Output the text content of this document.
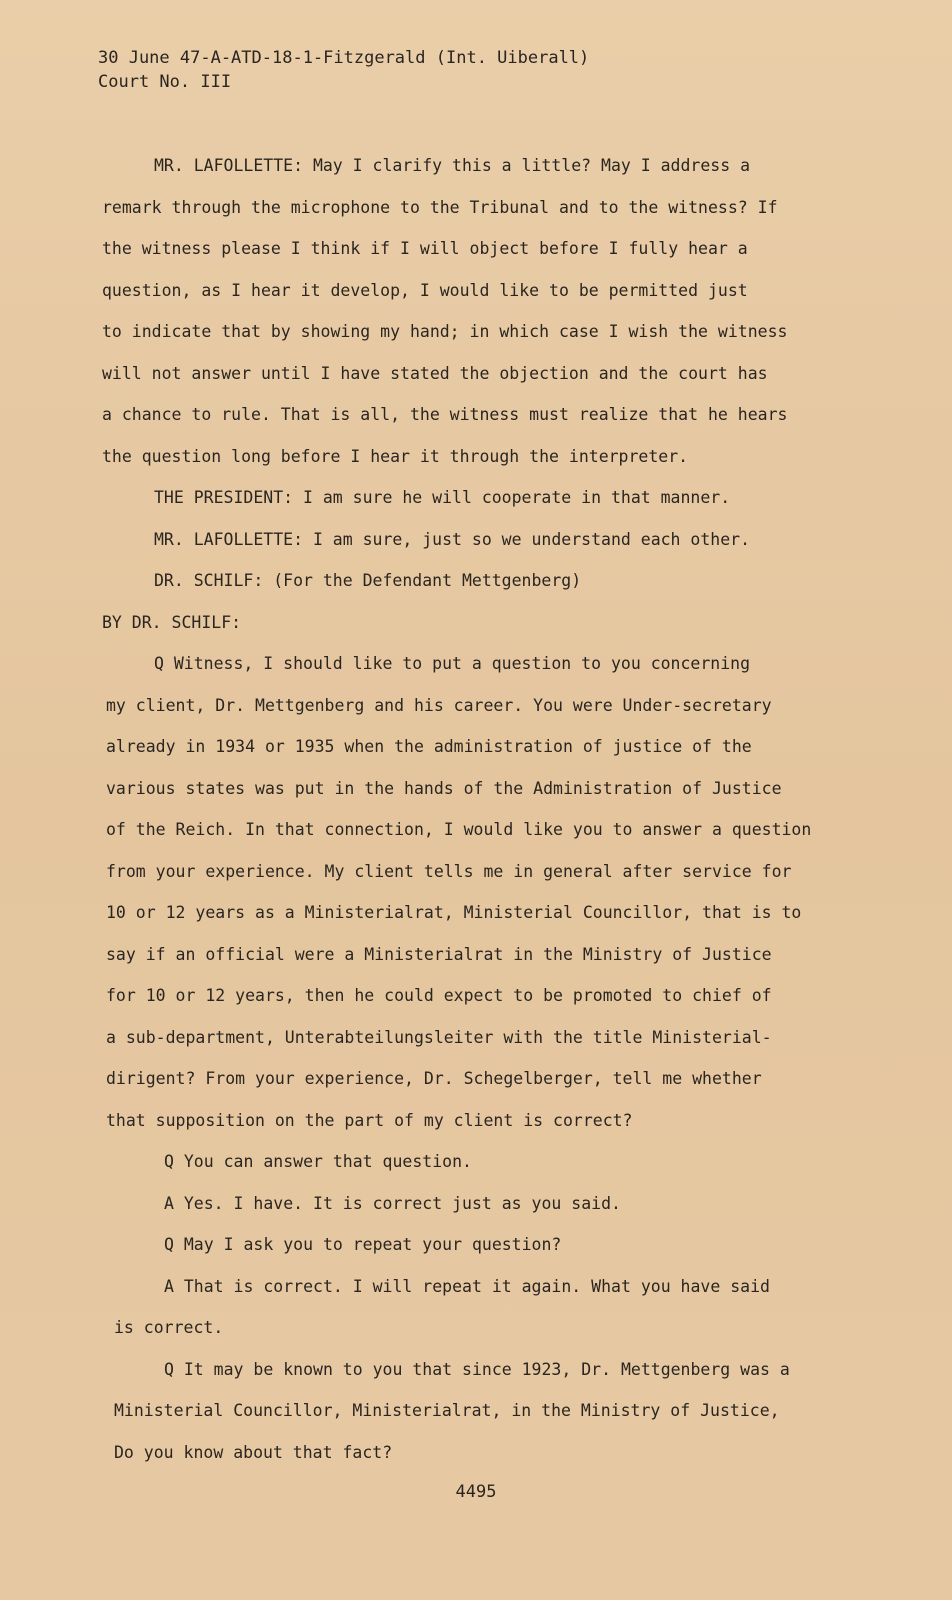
30 June 47-A-ATD-18-1-Fitzgerald (Int. Uiberall)
Court No. III
MR. LAFOLLETTE: May I clarify this a little? May I address a
remark through the microphone to the Tribunal and to the witness? If
the witness please I think if I will object before I fully hear a
question, as I hear it develop, I would like to be permitted just
to indicate that by showing my hand; in which case I wish the witness
will not answer until I have stated the objection and the court has
a chance to rule. That is all, the witness must realize that he hears
the question long before I hear it through the interpreter.
THE PRESIDENT: I am sure he will cooperate in that manner.
MR. LAFOLLETTE: I am sure, just so we understand each other.
DR. SCHILF: (For the Defendant Mettgenberg)
BY DR. SCHILF:
Q Witness, I should like to put a question to you concerning
my client, Dr. Mettgenberg and his career. You were Under-secretary
already in 1934 or 1935 when the administration of justice of the
various states was put in the hands of the Administration of Justice
of the Reich. In that connection, I would like you to answer a question
from your experience. My client tells me in general after service for
10 or 12 years as a Ministerialrat, Ministerial Councillor, that is to
say if an official were a Ministerialrat in the Ministry of Justice
for 10 or 12 years, then he could expect to be promoted to chief of
a sub-department, Unterabteilungsleiter with the title Ministerial-
dirigent? From your experience, Dr. Schegelberger, tell me whether
that supposition on the part of my client is correct?
Q You can answer that question.
A Yes. I have. It is correct just as you said.
Q May I ask you to repeat your question?
A That is correct. I will repeat it again. What you have said
is correct.
Q It may be known to you that since 1923, Dr. Mettgenberg was a
Ministerial Councillor, Ministerialrat, in the Ministry of Justice,
Do you know about that fact?
4495
